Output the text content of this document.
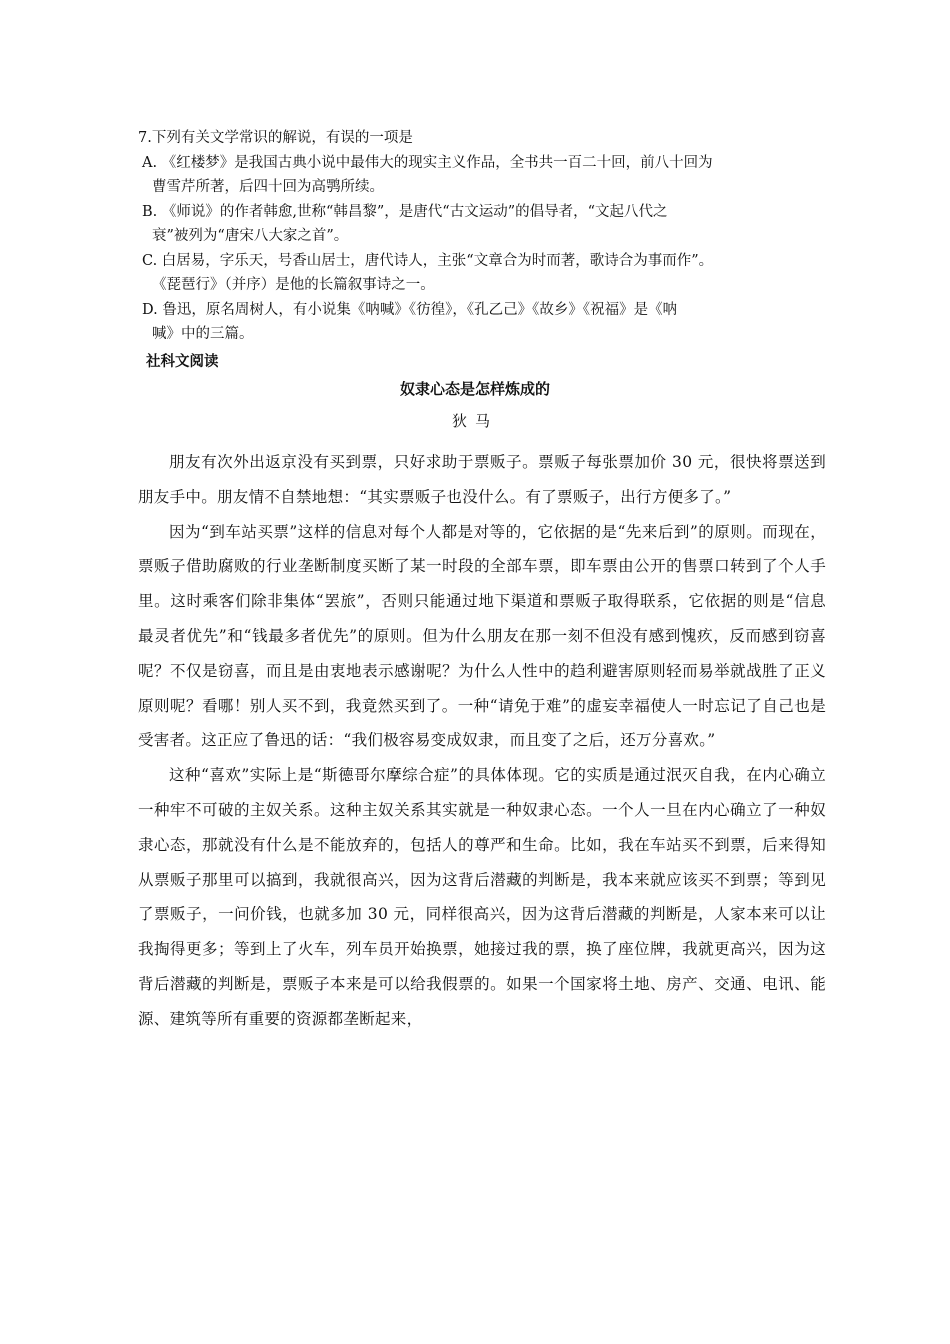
7.下列有关文学常识的解说，有误的一项是

A. 《红楼梦》是我国古典小说中最伟大的现实主义作品，全书共一百二十回，前八十回为
曹雪芹所著，后四十回为高鹗所续。

B. 《师说》的作者韩愈,世称“韩昌黎”，是唐代“古文运动”的倡导者，“文起八代之
衰”被列为“唐宋八大家之首”。

C. 白居易，字乐天，号香山居士，唐代诗人，主张“文章合为时而著，歌诗合为事而作”。
《琵琶行》（并序）是他的长篇叙事诗之一。

D. 鲁迅，原名周树人，有小说集《呐喊》《彷徨》，《孔乙己》《故乡》《祝福》是《呐
喊》中的三篇。

社科文阅读

奴隶心态是怎样炼成的

狄马

朋友有次外出返京没有买到票，只好求助于票贩子。票贩子每张票加价 30 元，很快将票送到朋友手中。朋友情不自禁地想：“其实票贩子也没什么。有了票贩子，出行方便多了。”

因为“到车站买票”这样的信息对每个人都是对等的，它依据的是“先来后到”的原则。而现在，票贩子借助腐败的行业垄断制度买断了某一时段的全部车票，即车票由公开的售票口转到了个人手里。这时乘客们除非集体“罢旅”，否则只能通过地下渠道和票贩子取得联系，它依据的则是“信息最灵者优先”和“钱最多者优先”的原则。但为什么朋友在那一刻不但没有感到愧疚，反而感到窃喜呢？不仅是窃喜，而且是由衷地表示感谢呢？为什么人性中的趋利避害原则轻而易举就战胜了正义原则呢？看哪！别人买不到，我竟然买到了。一种“请免于难”的虚妄幸福使人一时忘记了自己也是受害者。这正应了鲁迅的话：“我们极容易变成奴隶，而且变了之后，还万分喜欢。”

这种“喜欢”实际上是“斯德哥尔摩综合症”的具体体现。它的实质是通过泯灭自我，在内心确立一种牢不可破的主奴关系。这种主奴关系其实就是一种奴隶心态。一个人一旦在内心确立了一种奴隶心态，那就没有什么是不能放弃的，包括人的尊严和生命。比如，我在车站买不到票，后来得知从票贩子那里可以搞到，我就很高兴，因为这背后潜藏的判断是，我本来就应该买不到票；等到见了票贩子，一问价钱，也就多加 30 元，同样很高兴，因为这背后潜藏的判断是，人家本来可以让我掏得更多；等到上了火车，列车员开始换票，她接过我的票，换了座位牌，我就更高兴，因为这背后潜藏的判断是，票贩子本来是可以给我假票的。如果一个国家将土地、房产、交通、电讯、能源、建筑等所有重要的资源都垄断起来，
